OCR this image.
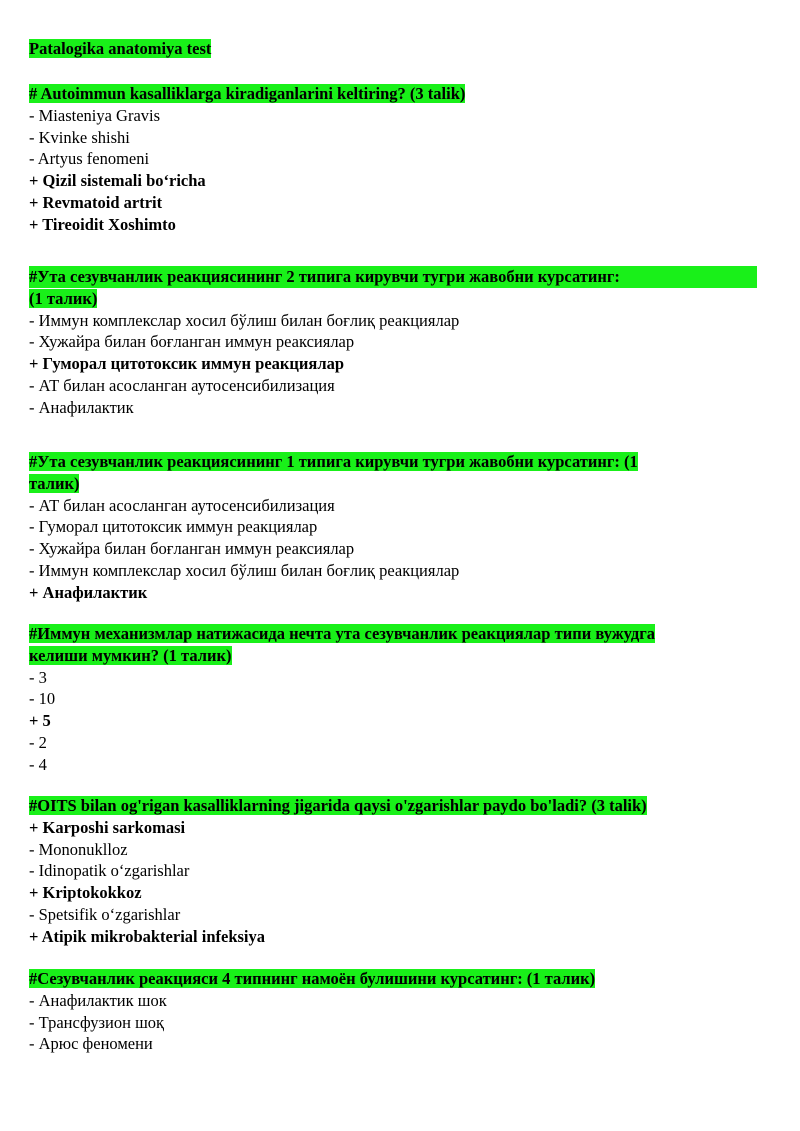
Patalogika anatomiya test
# Autoimmun kasalliklarga kiradiganlarini keltiring? (3 talik)
- Miasteniya Gravis
- Kvinke shishi
- Artyus fenomeni
+ Qizil sistemali bo‘richa
+ Revmatoid artrit
+ Tireoidit Xoshimto
#Ута сезувчанлик реакциясининг 2 типига кирувчи тугри жавобни курсатинг:
(1 талик)
- Иммун комплекслар хосил бўлиш билан боғлиқ реакциялар
- Хужайра билан боғланган иммун реаксиялар
+ Гуморал цитотоксик иммун реакциялар
- АТ билан асосланган аутосенсибилизация
- Анафилактик
#Ута сезувчанлик реакциясининг 1 типига кирувчи тугри жавобни курсатинг: (1
талик)
- АТ билан асосланган аутосенсибилизация
- Гуморал цитотоксик иммун реакциялар
- Хужайра билан боғланган иммун реаксиялар
- Иммун комплекслар хосил бўлиш билан боғлиқ реакциялар
+ Анафилактик
#Иммун механизмлар натижасида нечта ута сезувчанлик реакциялар типи вужудга
келиши мумкин? (1 талик)
- 3
- 10
+ 5
- 2
- 4
#OITS bilan og'rigan kasalliklarning jigarida qaysi o'zgarishlar paydo bo'ladi? (3 talik)
+ Karposhi sarkomasi
- Mononuklloz
- Idinopatik o‘zgarishlar
+ Kriptokokkoz
- Spetsifik o‘zgarishlar
+ Atipik mikrobakterial infeksiya
#Сезувчанлик реакцияси 4 типнинг намоён булишини курсатинг: (1 талик)
- Анафилактик шок
- Трансфузион шоқ
- Арюс феномени
